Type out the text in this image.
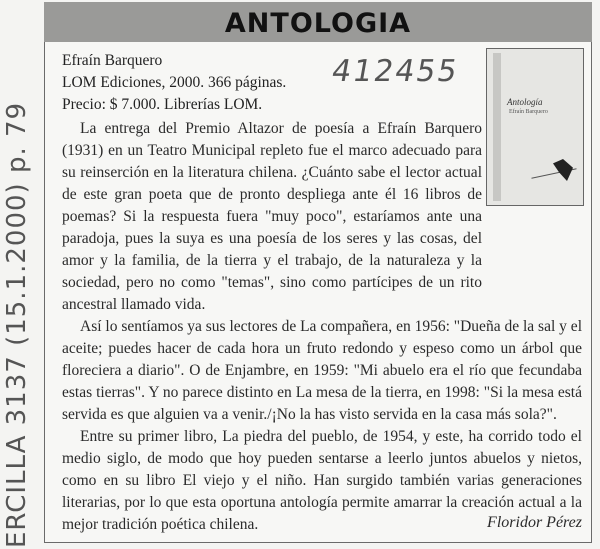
ANTOLOGIA
Efraín Barquero
LOM Ediciones, 2000. 366 páginas.
Precio: $ 7.000. Librerías LOM.
412455
Antología
Efraín Barquero

La entrega del Premio Altazor de poesía a Efraín Barquero (1931) en un Teatro Municipal repleto fue el marco adecuado para su reinserción en la literatura chilena. ¿Cuánto sabe el lector actual de este gran poeta que de pronto despliega ante él 16 libros de poemas? Si la respuesta fuera "muy poco", estaríamos ante una paradoja, pues la suya es una poesía de los seres y las cosas, del amor y la familia, de la tierra y el trabajo, de la naturaleza y la sociedad, pero no como "temas", sino como partícipes de un rito ancestral llamado vida.

Así lo sentíamos ya sus lectores de La compañera, en 1956: "Dueña de la sal y el aceite; puedes hacer de cada hora un fruto redondo y espeso como un árbol que floreciera a diario". O de Enjambre, en 1959: "Mi abuelo era el río que fecundaba estas tierras". Y no parece distinto en La mesa de la tierra, en 1998: "Si la mesa está servida es que alguien va a venir./¡No la has visto servida en la casa más sola?".

Entre su primer libro, La piedra del pueblo, de 1954, y este, ha corrido todo el medio siglo, de modo que hoy pueden sentarse a leerlo juntos abuelos y nietos, como en su libro El viejo y el niño. Han surgido también varias generaciones literarias, por lo que esta oportuna antología permite amarrar la creación actual a la mejor tradición poética chilena.	Floridor Pérez
ERCILLA 3137 (15.1.2000) p. 79
